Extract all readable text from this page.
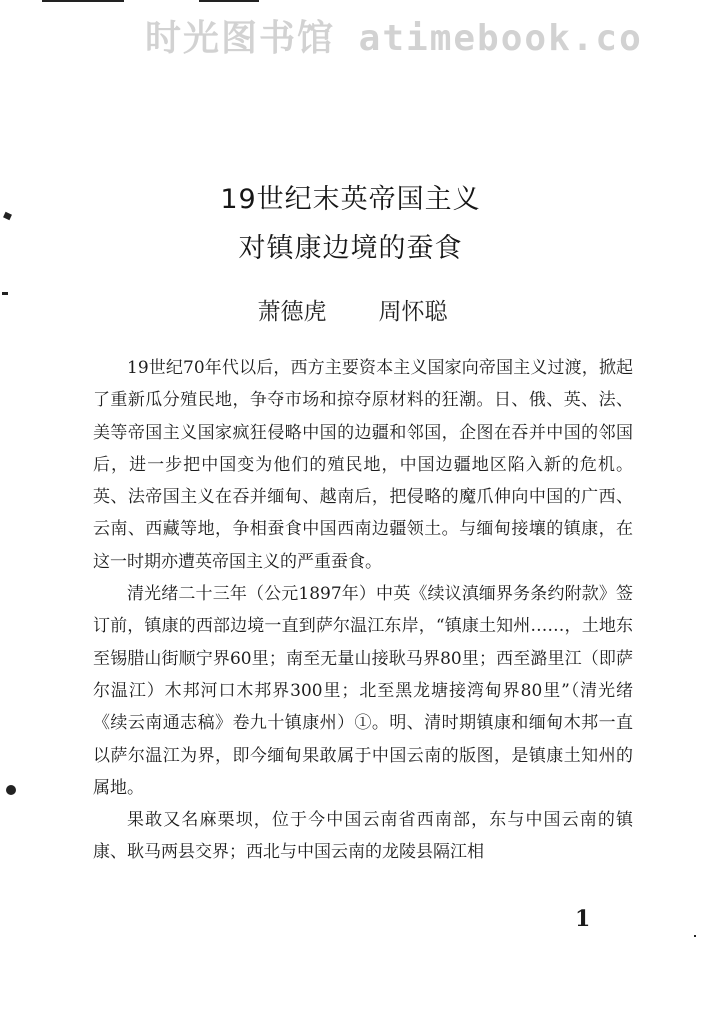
时光图书馆 atimebook.co
19世纪末英帝国主义
对镇康边境的蚕食
萧德虎 周怀聪

19世纪70年代以后，西方主要资本主义国家向帝国主义过渡，掀起了重新瓜分殖民地，争夺市场和掠夺原材料的狂潮。日、俄、英、法、美等帝国主义国家疯狂侵略中国的边疆和邻国，企图在吞并中国的邻国后，进一步把中国变为他们的殖民地，中国边疆地区陷入新的危机。英、法帝国主义在吞并缅甸、越南后，把侵略的魔爪伸向中国的广西、云南、西藏等地，争相蚕食中国西南边疆领土。与缅甸接壤的镇康，在这一时期亦遭英帝国主义的严重蚕食。

清光绪二十三年（公元1897年）中英《续议滇缅界务条约附款》签订前，镇康的西部边境一直到萨尔温江东岸，“镇康土知州……，土地东至锡腊山街顺宁界60里；南至无量山接耿马界80里；西至潞里江（即萨尔温江）木邦河口木邦界300里；北至黑龙塘接湾甸界80里”（清光绪《续云南通志稿》卷九十镇康州）①。明、清时期镇康和缅甸木邦一直以萨尔温江为界，即今缅甸果敢属于中国云南的版图，是镇康土知州的属地。

果敢又名麻栗坝，位于今中国云南省西南部，东与中国云南的镇康、耿马两县交界；西北与中国云南的龙陵县隔江相

1
